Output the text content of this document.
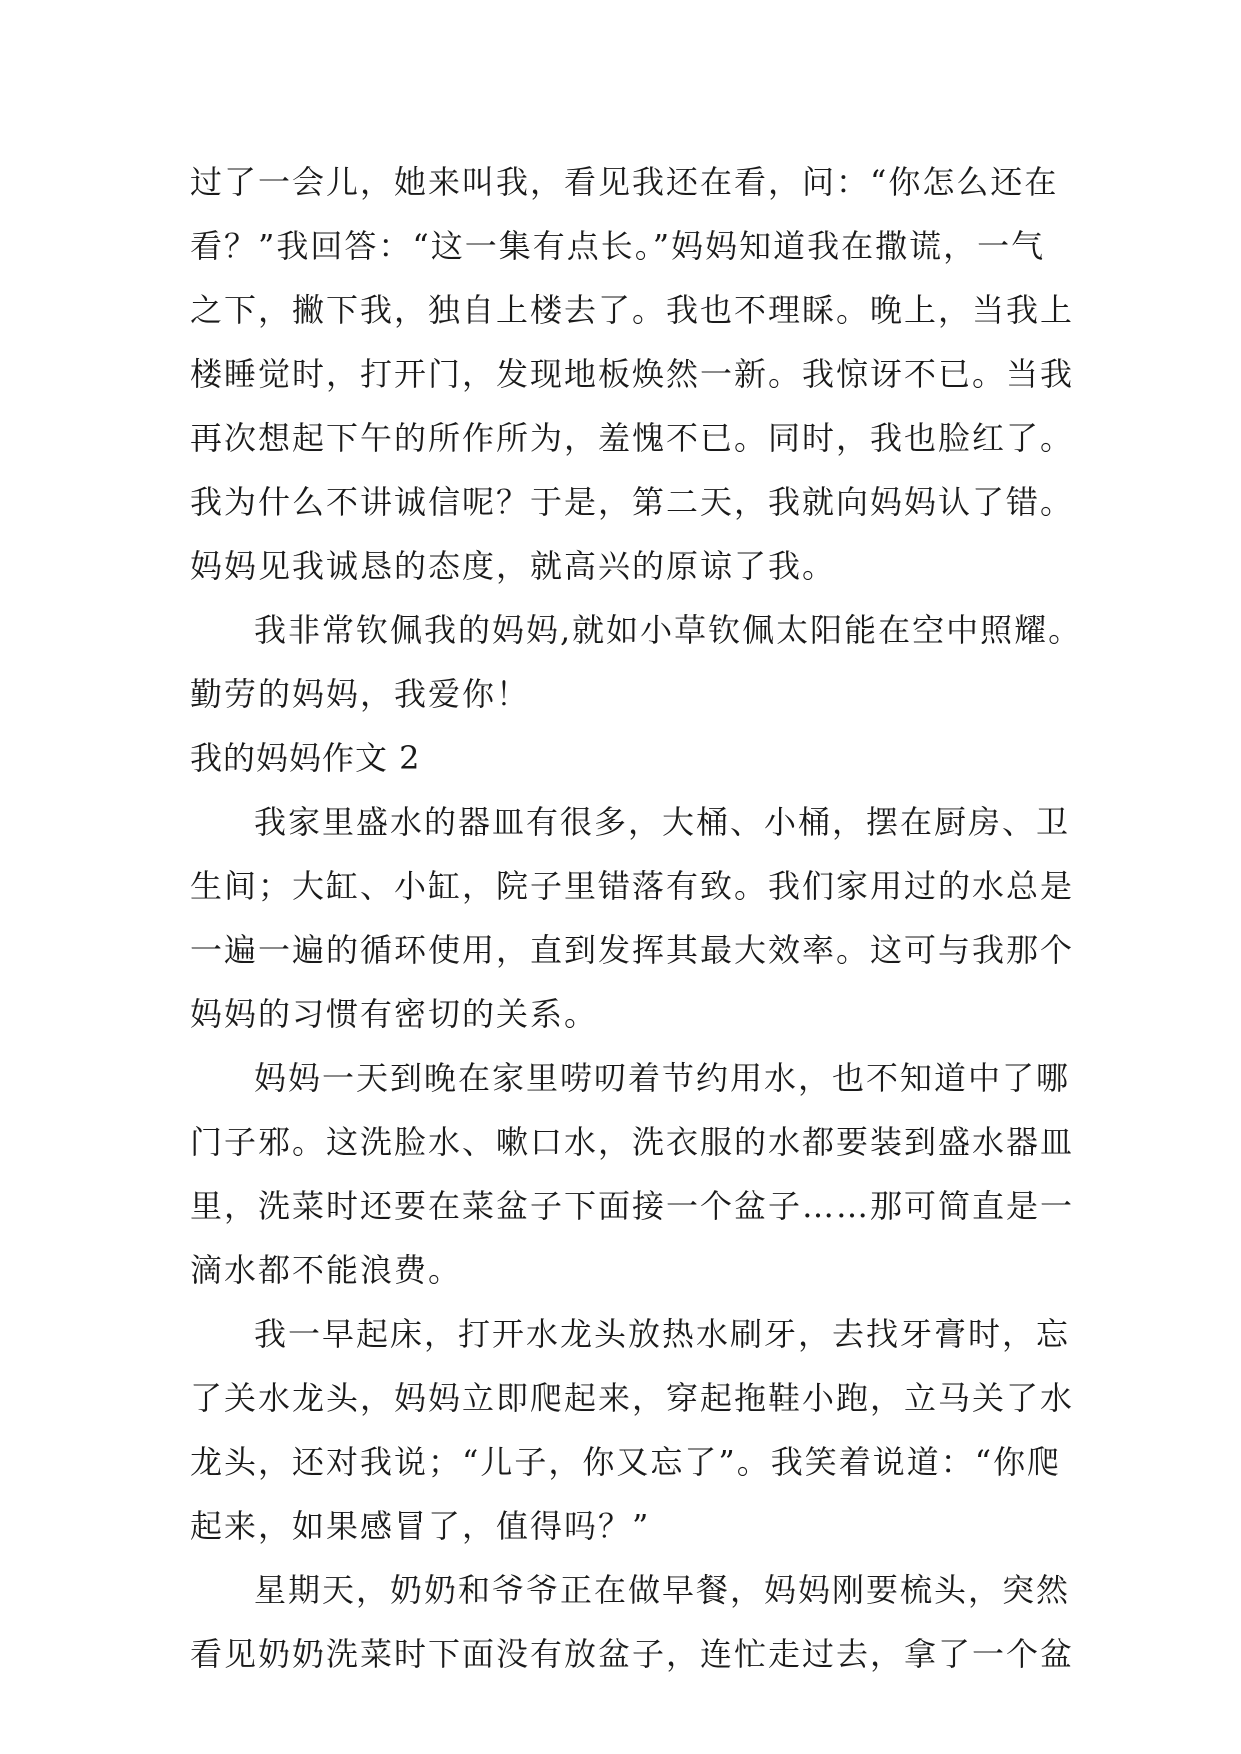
过了一会儿，她来叫我，看见我还在看，问：“你怎么还在
看？”我回答：“这一集有点长。”妈妈知道我在撒谎，一气
之下，撇下我，独自上楼去了。我也不理睬。晚上，当我上
楼睡觉时，打开门，发现地板焕然一新。我惊讶不已。当我
再次想起下午的所作所为，羞愧不已。同时，我也脸红了。
我为什么不讲诚信呢？于是，第二天，我就向妈妈认了错。
妈妈见我诚恳的态度，就高兴的原谅了我。
我非常钦佩我的妈妈,就如小草钦佩太阳能在空中照耀。
勤劳的妈妈，我爱你！
我的妈妈作文 2
我家里盛水的器皿有很多，大桶、小桶，摆在厨房、卫
生间；大缸、小缸，院子里错落有致。我们家用过的水总是
一遍一遍的循环使用，直到发挥其最大效率。这可与我那个
妈妈的习惯有密切的关系。
妈妈一天到晚在家里唠叨着节约用水，也不知道中了哪
门子邪。这洗脸水、嗽口水，洗衣服的水都要装到盛水器皿
里，洗菜时还要在菜盆子下面接一个盆子……那可简直是一
滴水都不能浪费。
我一早起床，打开水龙头放热水刷牙，去找牙膏时，忘
了关水龙头，妈妈立即爬起来，穿起拖鞋小跑，立马关了水
龙头，还对我说；“儿子，你又忘了”。我笑着说道：“你爬
起来，如果感冒了，值得吗？”
星期天，奶奶和爷爷正在做早餐，妈妈刚要梳头，突然
看见奶奶洗菜时下面没有放盆子，连忙走过去，拿了一个盆
